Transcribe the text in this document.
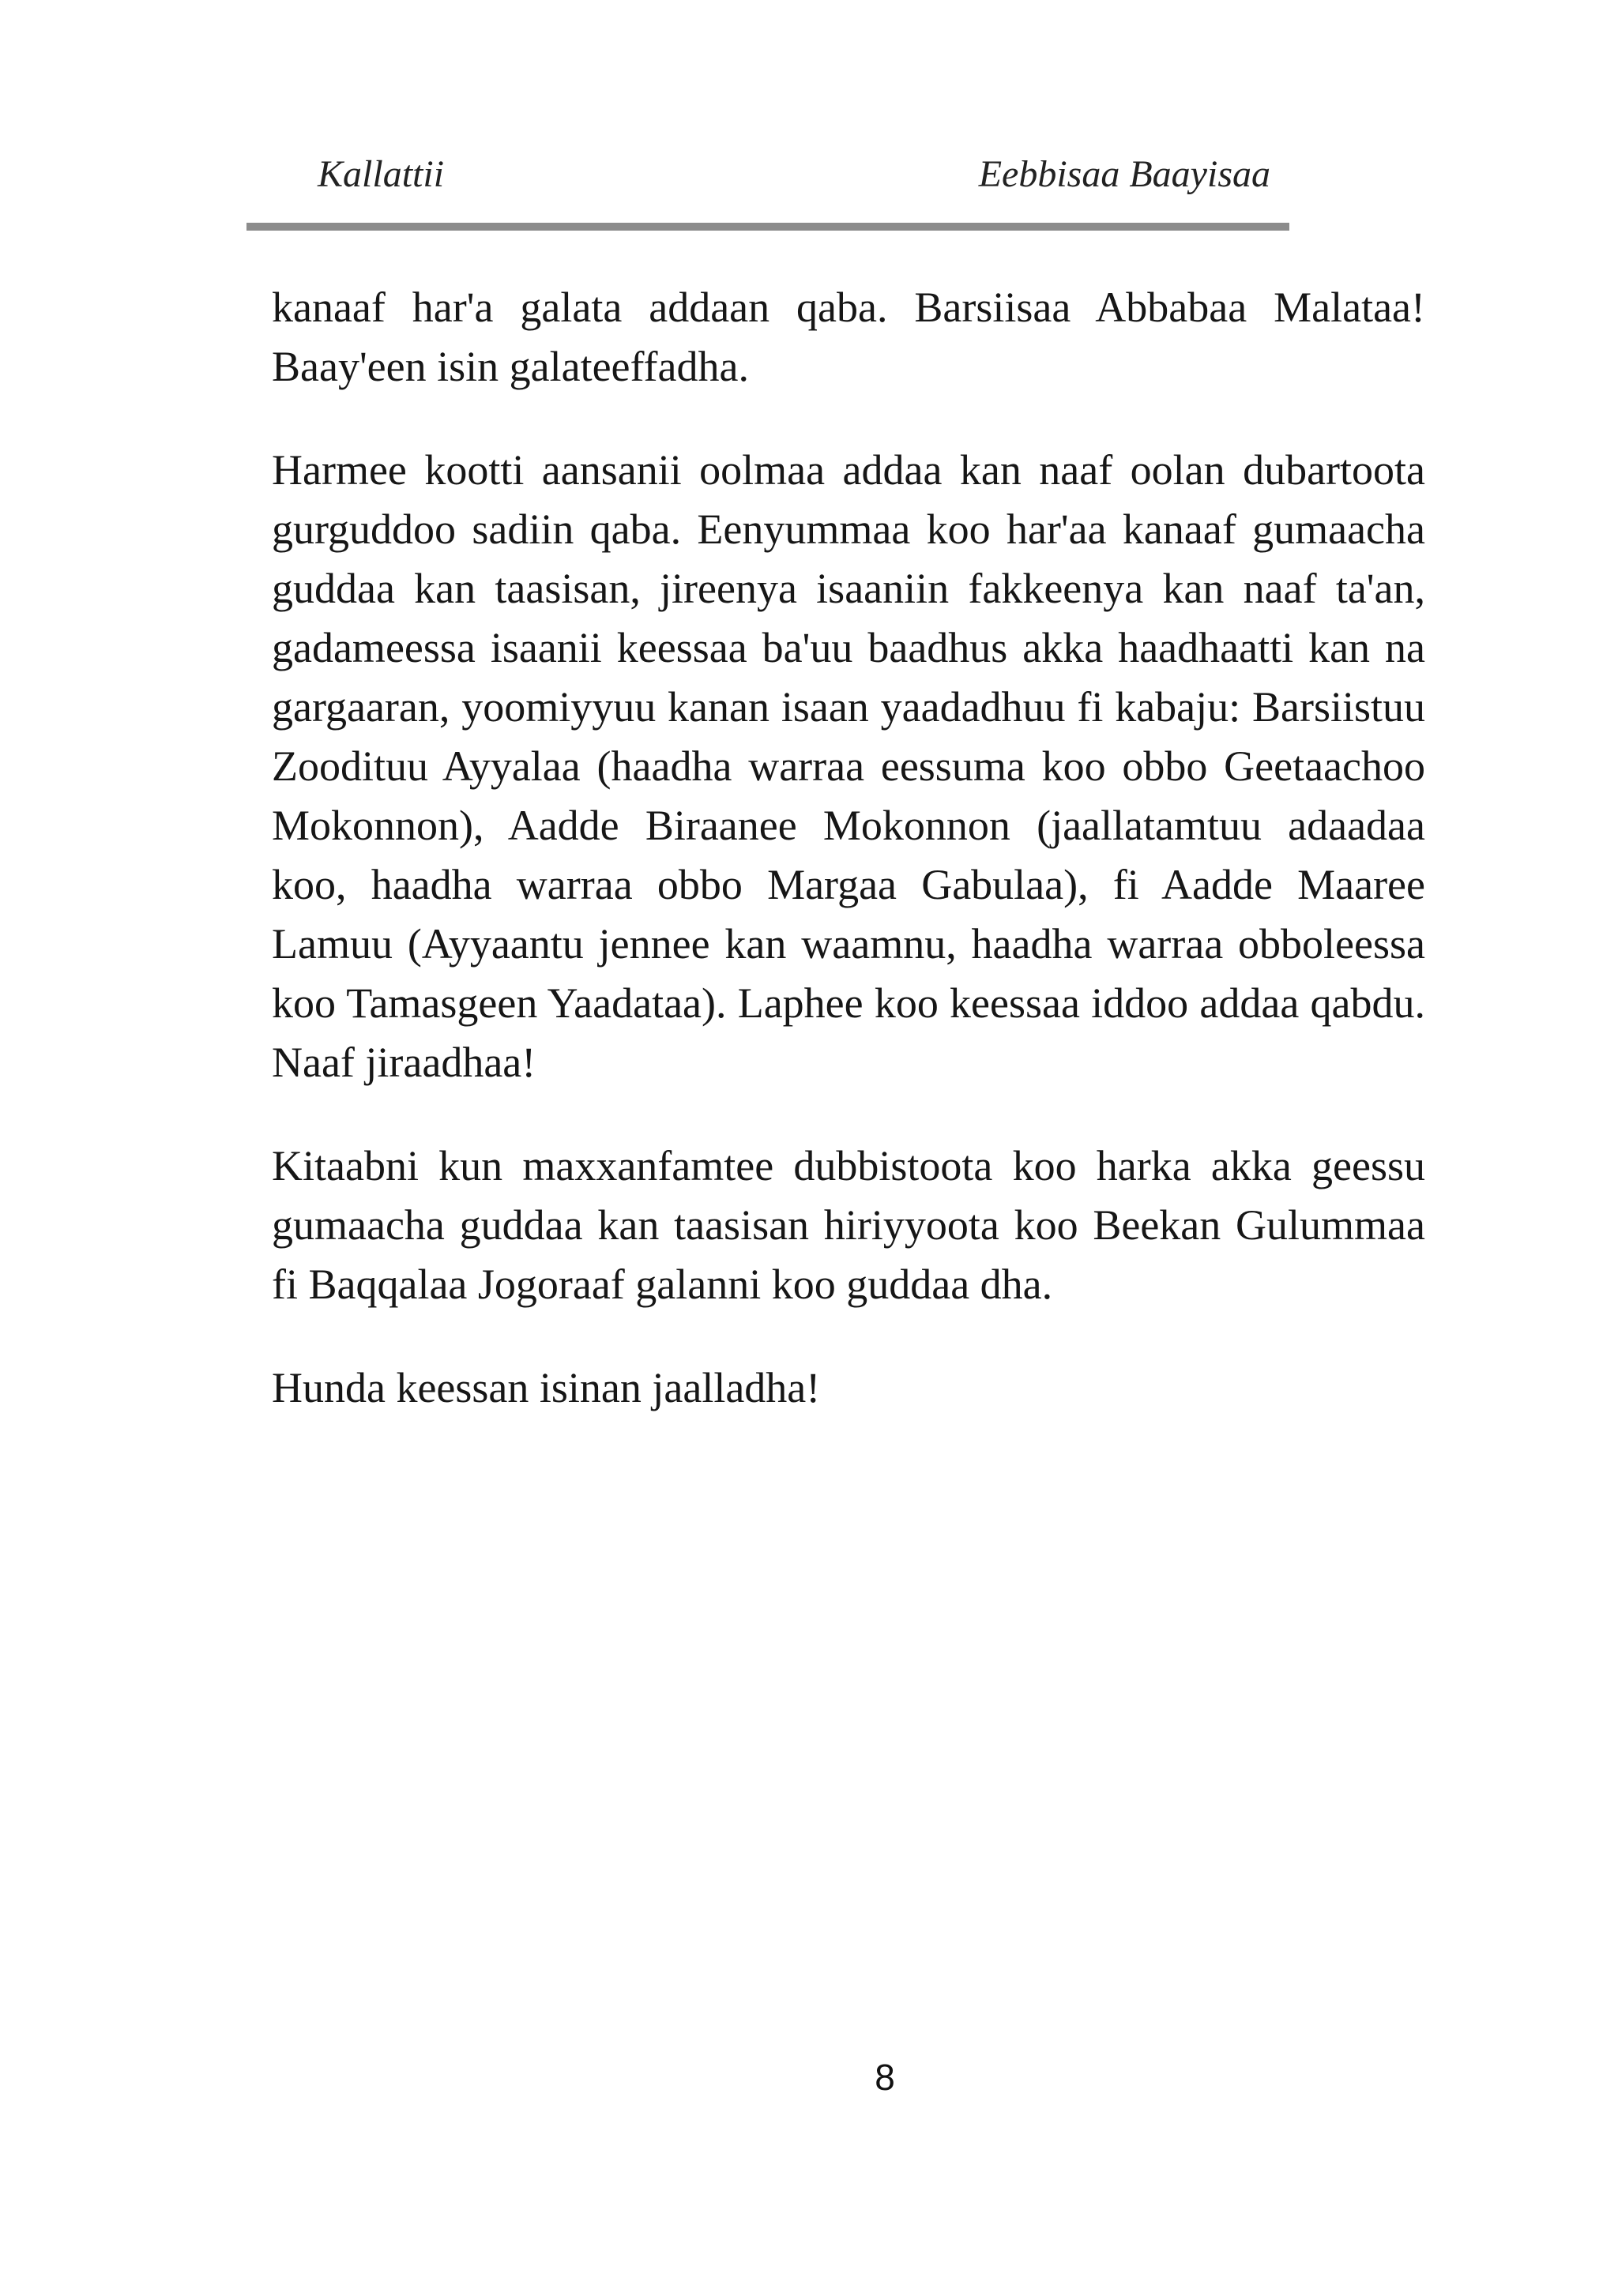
Kallattii	Eebbisaa Baayisaa

kanaaf har'a galata addaan qaba. Barsiisaa Abbabaa Malataa! Baay'een isin galateeffadha.

Harmee kootti aansanii oolmaa addaa kan naaf oolan dubartoota gurguddoo sadiin qaba. Eenyummaa koo har'aa kanaaf gumaacha guddaa kan taasisan, jireenya isaaniin fakkeenya kan naaf ta'an, gadameessa isaanii keessaa ba'uu baadhus akka haadhaatti kan na gargaaran, yoomiyyuu kanan isaan yaadadhuu fi kabaju: Barsiistuu Zoodituu Ayyalaa (haadha warraa eessuma koo obbo Geetaachoo Mokonnon), Aadde Biraanee Mokonnon (jaallatamtuu adaadaa koo, haadha warraa obbo Margaa Gabulaa), fi Aadde Maaree Lamuu (Ayyaantu jennee kan waamnu, haadha warraa obboleessa koo Tamasgeen Yaadataa). Laphee koo keessaa iddoo addaa qabdu. Naaf jiraadhaa!

Kitaabni kun maxxanfamtee dubbistoota koo harka akka geessu gumaacha guddaa kan taasisan hiriyyoota koo Beekan Gulummaa fi Baqqalaa Jogoraaf galanni koo guddaa dha.

Hunda keessan isinan jaalladha!

8
